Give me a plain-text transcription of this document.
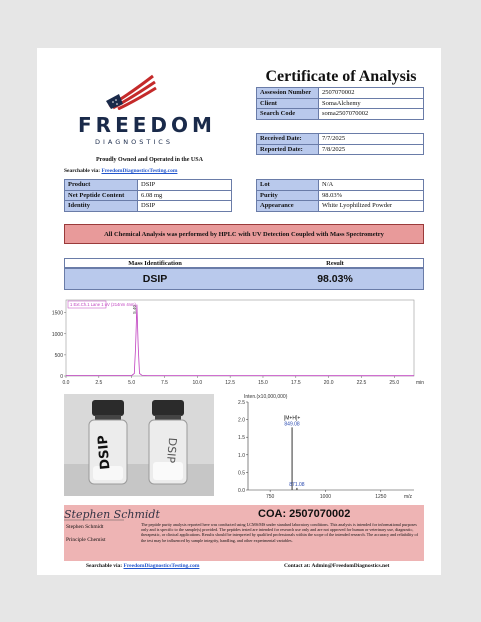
FREEDOM
DIAGNOSTICS
Proudly Owned and Operated in the USA
Searchable via: FreedomDiagnosticsTesting.com
Certificate of Analysis
Assession Number	2507070002
Client	SomaAlchemy
Search Code	soma2507070002
Received Date:	7/7/2025
Reported Date:	7/8/2025
Product	DSIP
Net Peptide Content	6.08 mg
Identity	DSIP
Lot	N/A
Purity	98.03%
Appearance	White Lyophilized Powder
All Chemical Analysis was performed by HPLC with UV Detection Coupled with Mass Spectrometry
Mass Identification	Result
DSIP	98.03%
0
500
1000
1500
0.0	2.5	5.0	7.5	10.0	12.5	15.0	17.5	20.0	22.5	25.0	min
5.40
1 Ext.Ch.1 Lane 1 uV (214nm 4nm)
DSIP	DSIP
Inten.(x10,000,000)
0.0
0.5
1.0
1.5
2.0
2.5
750	1000	1250	m/z
849.08
871.08
[M+H]+
Stephen Schmidt	COA: 2507070002
Stephen Schmidt
Principle Chemist
The peptide purity analysis reported here was conducted using LCMS/MS under standard laboratory conditions. This analysis is intended for informational purposes only and is specific to the sample(s) provided. The peptides tested are intended for research use only and are not approved for human or veterinary use, diagnostic, therapeutic, or clinical applications. Results should be interpreted by qualified professionals within the scope of the intended research. The accuracy and reliability of the test may be influenced by sample integrity, handling, and other experimental variables.
Searchable via: FreedomDiagnosticsTesting.com	Contact at: Admin@FreedomDiagnostics.net
